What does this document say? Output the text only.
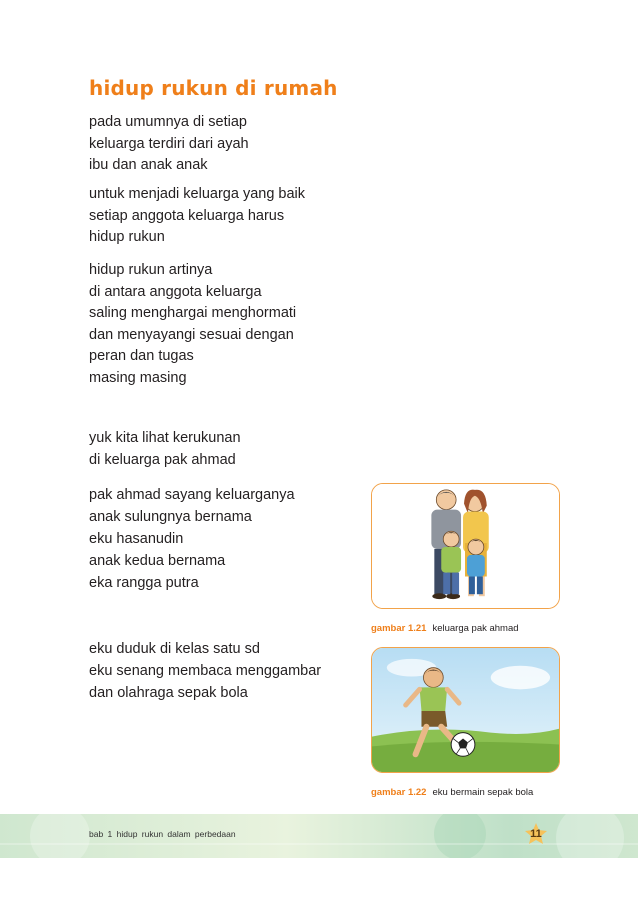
hidup rukun di rumah
pada umumnya di setiap
keluarga terdiri dari ayah
ibu dan anak anak
untuk menjadi keluarga yang baik
setiap anggota keluarga harus
hidup rukun
hidup rukun artinya
di antara anggota keluarga
saling menghargai menghormati
dan menyayangi sesuai dengan
peran dan tugas
masing masing
yuk kita lihat kerukunan
di keluarga pak ahmad
pak ahmad sayang keluarganya
anak sulungnya bernama
eku hasanudin
anak kedua bernama
eka rangga putra
eku duduk di kelas satu sd
eku senang membaca menggambar
dan olahraga sepak bola
gambar 1.21 keluarga pak ahmad
gambar 1.22 eku bermain sepak bola
bab 1 hidup rukun dalam perbedaan	11
